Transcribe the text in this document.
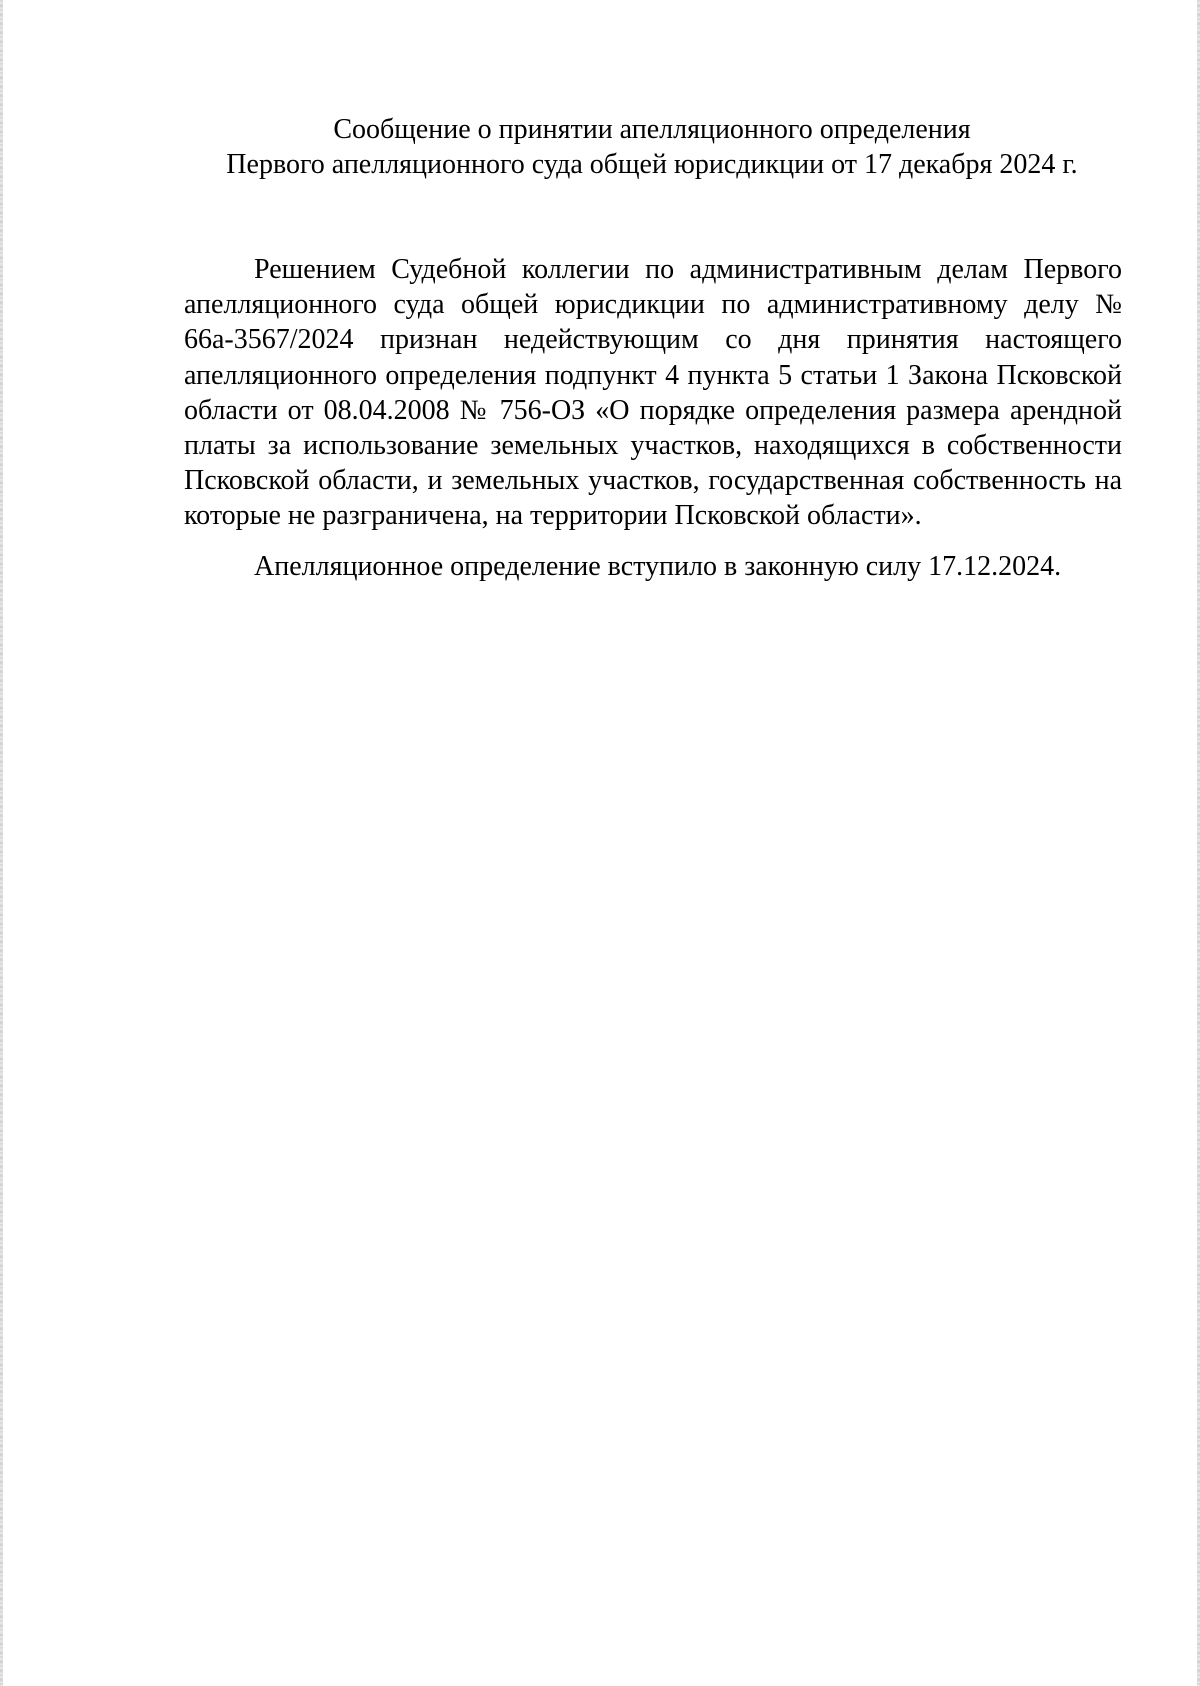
Сообщение о принятии апелляционного определения
Первого апелляционного суда общей юрисдикции от 17 декабря 2024 г.

Решением Судебной коллегии по административным делам Первого апелляционного суда общей юрисдикции по административному делу № 66а-3567/2024 признан недействующим со дня принятия настоящего апелляционного определения подпункт 4 пункта 5 статьи 1 Закона Псковской области от 08.04.2008 № 756-ОЗ «О порядке определения размера арендной платы за использование земельных участков, находящихся в собственности Псковской области, и земельных участков, государственная собственность на которые не разграничена, на территории Псковской области».

Апелляционное определение вступило в законную силу 17.12.2024.
